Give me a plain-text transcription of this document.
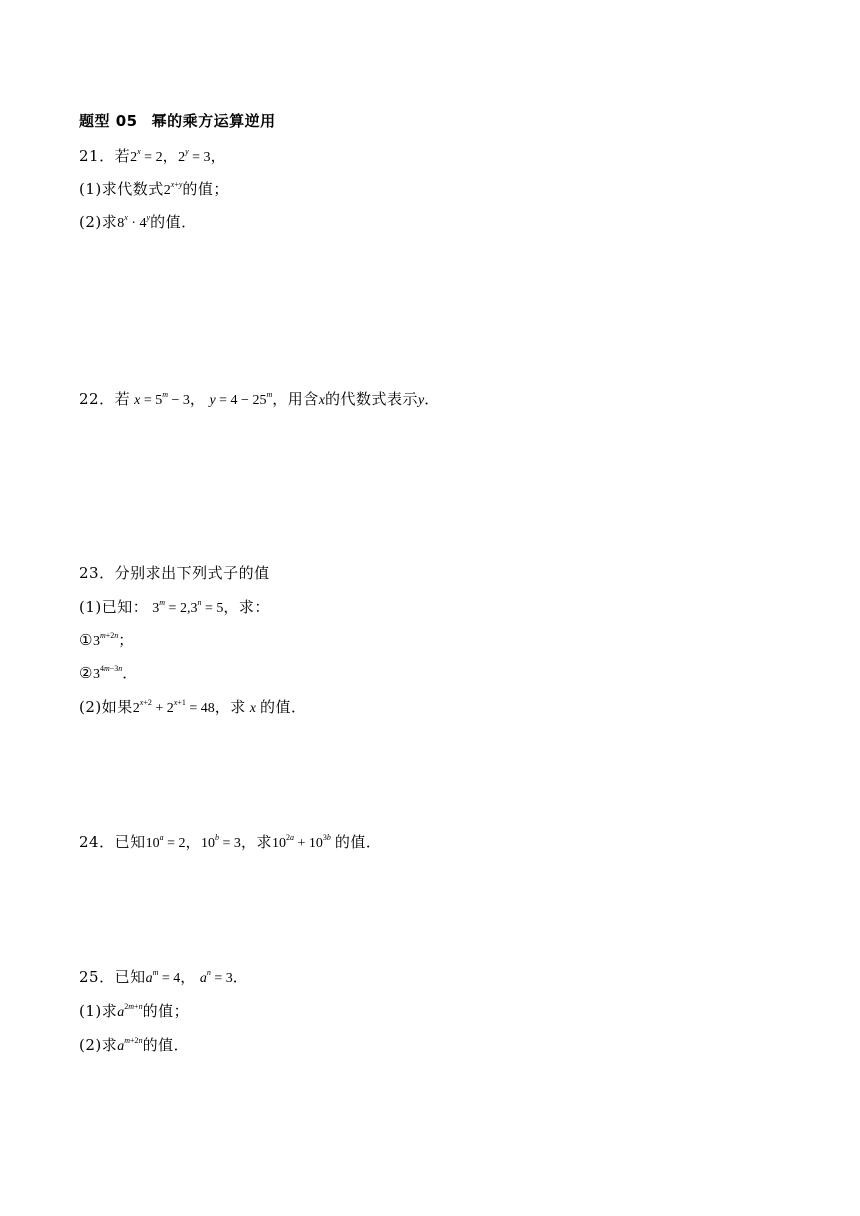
题型 05 幂的乘方运算逆用
21．若$2^x = 2$，$2^y = 3$，
(1)求代数式$2^{x+y}$的值；
(2)求$8^x \cdot 4^y$的值．
22．若 $x = 5^m - 3$， $y = 4 - 25^m$，用含x的代数式表示y．
23．分别求出下列式子的值
(1)已知： $3^m = 2,3^n = 5$，求：
$①3^{m+2n}$；
$②3^{4m-3n}$．
(2)如果$2^{x+2} + 2^{x+1} = 48$，求 x 的值．
24．已知$10^a = 2$，$10^b = 3$，求$10^{2a} + 10^{3b}$ 的值．
25．已知$a^m = 4$， $a^n = 3$．
(1)求$a^{2m+n}$的值；
(2)求$a^{m+2n}$的值．
